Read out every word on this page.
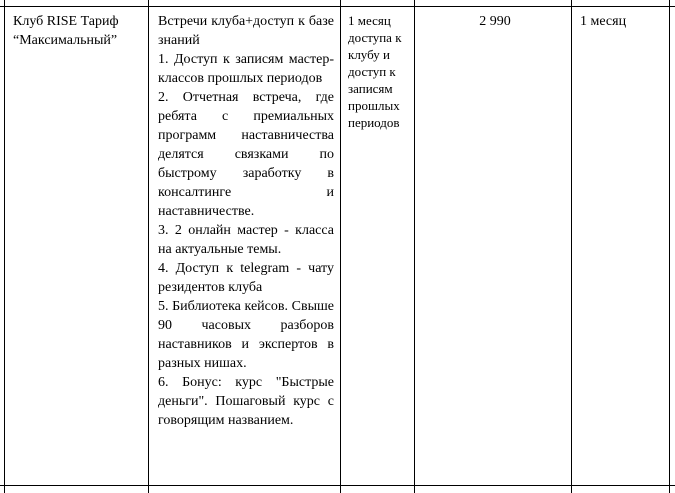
Клуб RISE Тариф
“Максимальный”
Встречи клуба+доступ к базе знаний
1. Доступ к записям мастер-классов прошлых периодов
2. Отчетная встреча, где ребята с премиальных программ наставничества делятся связками по быстрому заработку в консалтинге и наставничестве.
3. 2 онлайн мастер - класса на актуальные темы.
4. Доступ к telegram - чату резидентов клуба
5. Библиотека кейсов. Свыше 90 часовых разборов наставников и экспертов в разных нишах.
6. Бонус: курс "Быстрые деньги". Пошаговый курс с говорящим названием.
1 месяц доступа к клубу и доступ к записям прошлых периодов
2 990	1 месяц
